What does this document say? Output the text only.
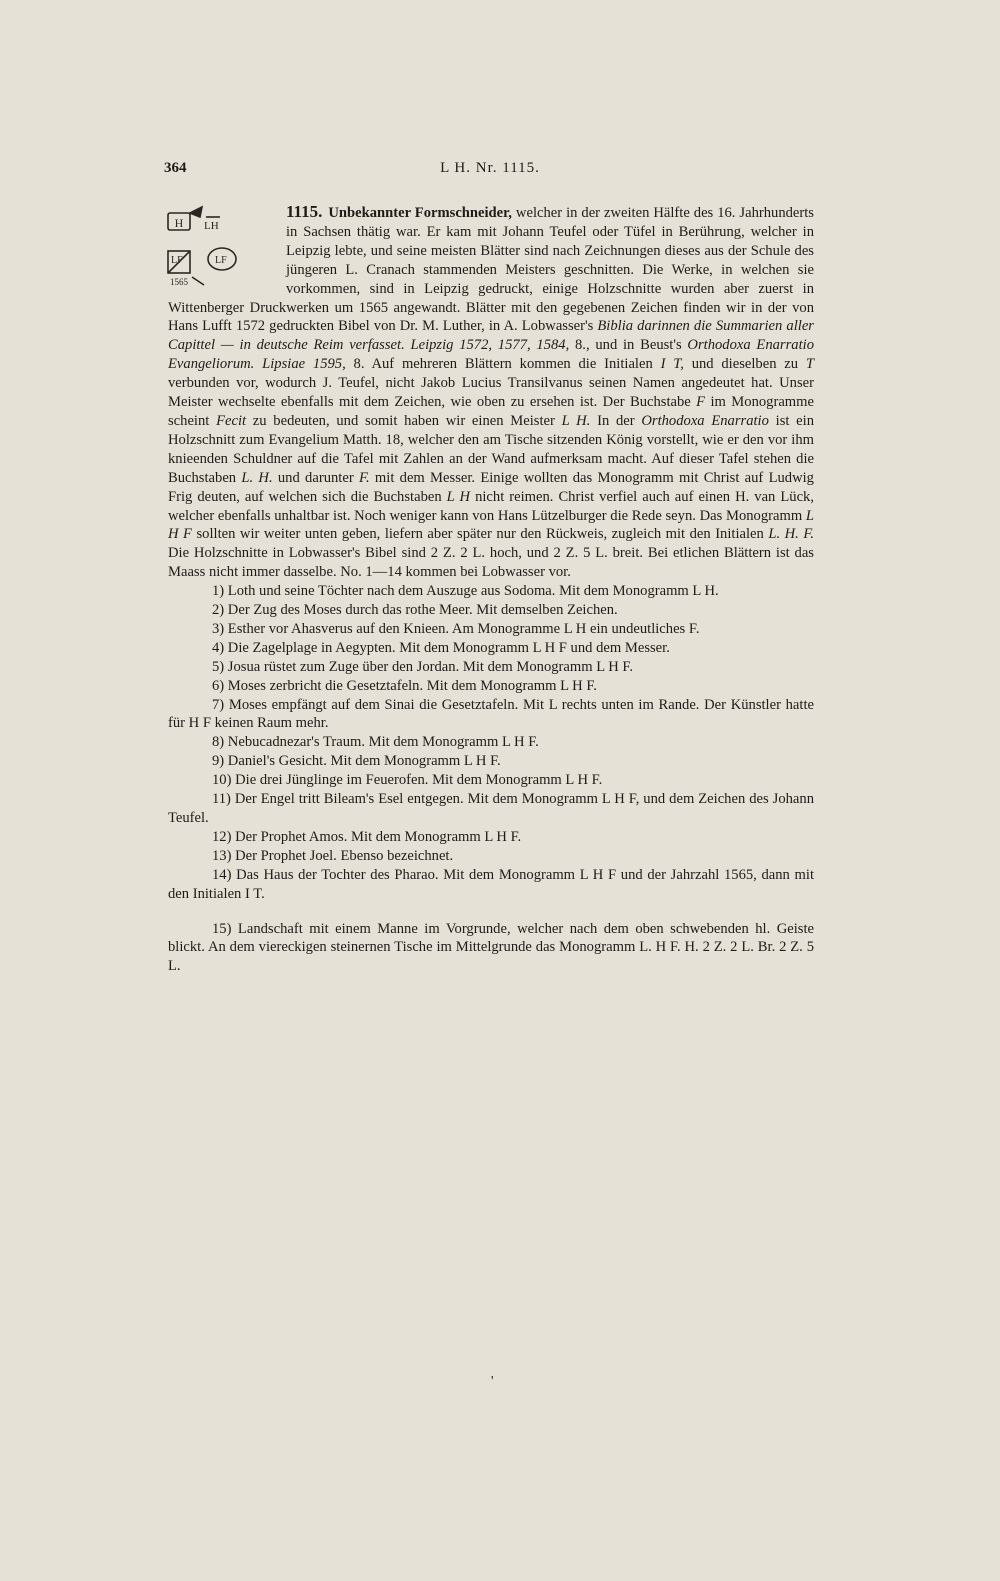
364	L H. Nr. 1115.
H LH
LF
1565
LF

1115. Unbekannter Formschneider, welcher in der zweiten Hälfte des 16. Jahrhunderts in Sachsen thätig war. Er kam mit Johann Teufel oder Tüfel in Berührung, welcher in Leipzig lebte, und seine meisten Blätter sind nach Zeichnungen dieses aus der Schule des jüngeren L. Cranach stammenden Meisters geschnitten. Die Werke, in welchen sie vorkommen, sind in Leipzig gedruckt, einige Holzschnitte wurden aber zuerst in Wittenberger Druckwerken um 1565 angewandt. Blätter mit den gegebenen Zeichen finden wir in der von Hans Lufft 1572 gedruckten Bibel von Dr. M. Luther, in A. Lobwasser's Biblia darinnen die Summarien aller Capittel — in deutsche Reim verfasset. Leipzig 1572, 1577, 1584, 8., und in Beust's Orthodoxa Enarratio Evangeliorum. Lipsiae 1595, 8. Auf mehreren Blättern kommen die Initialen I T, und dieselben zu T verbunden vor, wodurch J. Teufel, nicht Jakob Lucius Transilvanus seinen Namen angedeutet hat. Unser Meister wechselte ebenfalls mit dem Zeichen, wie oben zu ersehen ist. Der Buchstabe F im Monogramme scheint Fecit zu bedeuten, und somit haben wir einen Meister L H. In der Orthodoxa Enarratio ist ein Holzschnitt zum Evangelium Matth. 18, welcher den am Tische sitzenden König vorstellt, wie er den vor ihm knieenden Schuldner auf die Tafel mit Zahlen an der Wand aufmerksam macht. Auf dieser Tafel stehen die Buchstaben L. H. und darunter F. mit dem Messer. Einige wollten das Monogramm mit Christ auf Ludwig Frig deuten, auf welchen sich die Buchstaben L H nicht reimen. Christ verfiel auch auf einen H. van Lück, welcher ebenfalls unhaltbar ist. Noch weniger kann von Hans Lützelburger die Rede seyn. Das Monogramm L H F sollten wir weiter unten geben, liefern aber später nur den Rückweis, zugleich mit den Initialen L. H. F. Die Holzschnitte in Lobwasser's Bibel sind 2 Z. 2 L. hoch, und 2 Z. 5 L. breit. Bei etlichen Blättern ist das Maass nicht immer dasselbe. No. 1—14 kommen bei Lobwasser vor.

1) Loth und seine Töchter nach dem Auszuge aus Sodoma. Mit dem Monogramm L H.

2) Der Zug des Moses durch das rothe Meer. Mit demselben Zeichen.

3) Esther vor Ahasverus auf den Knieen. Am Monogramme L H ein undeutliches F.

4) Die Zagelplage in Aegypten. Mit dem Monogramm L H F und dem Messer.

5) Josua rüstet zum Zuge über den Jordan. Mit dem Monogramm L H F.

6) Moses zerbricht die Gesetztafeln. Mit dem Monogramm L H F.

7) Moses empfängt auf dem Sinai die Gesetztafeln. Mit L rechts unten im Rande. Der Künstler hatte für H F keinen Raum mehr.

8) Nebucadnezar's Traum. Mit dem Monogramm L H F.

9) Daniel's Gesicht. Mit dem Monogramm L H F.

10) Die drei Jünglinge im Feuerofen. Mit dem Monogramm L H F.

11) Der Engel tritt Bileam's Esel entgegen. Mit dem Monogramm L H F, und dem Zeichen des Johann Teufel.

12) Der Prophet Amos. Mit dem Monogramm L H F.

13) Der Prophet Joel. Ebenso bezeichnet.

14) Das Haus der Tochter des Pharao. Mit dem Monogramm L H F und der Jahrzahl 1565, dann mit den Initialen I T.

15) Landschaft mit einem Manne im Vorgrunde, welcher nach dem oben schwebenden hl. Geiste blickt. An dem viereckigen steinernen Tische im Mittelgrunde das Monogramm L. H F. H. 2 Z. 2 L. Br. 2 Z. 5 L.

'
